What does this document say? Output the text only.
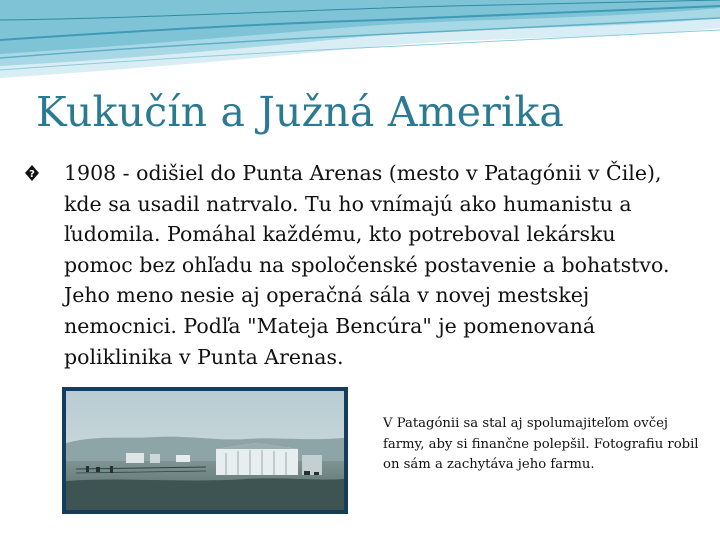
Kukučín a Južná Amerika
? 1908 - odišiel do Punta Arenas (mesto v Patagónii v Čile), kde sa usadil natrvalo. Tu ho vnímajú ako humanistu a ľudomila. Pomáhal každému, kto potreboval lekársku pomoc bez ohľadu na spoločenské postavenie a bohatstvo. Jeho meno nesie aj operačná sála v novej mestskej nemocnici. Podľa "Mateja Bencúra" je pomenovaná poliklinika v Punta Arenas.
V Patagónii sa stal aj spolumajiteľom ovčej farmy, aby si finančne polepšil. Fotografiu robil on sám a zachytáva jeho farmu.
